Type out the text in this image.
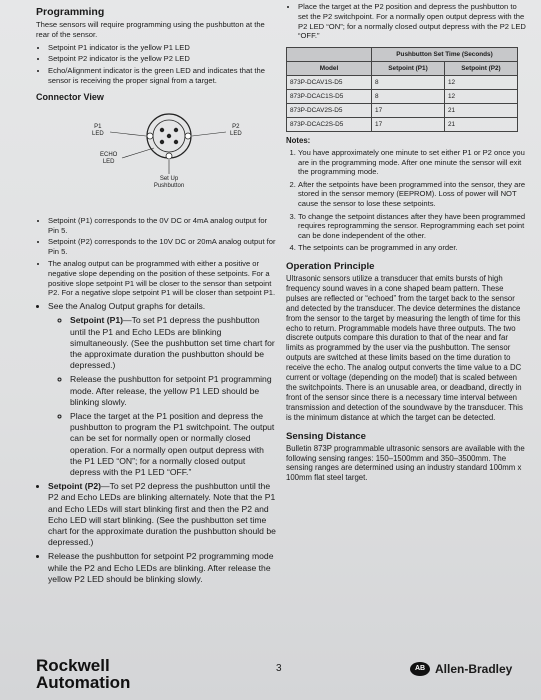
Programming

These sensors will require programming using the pushbutton at the rear of the sensor.

• Setpoint P1 indicator is the yellow P1 LED
• Setpoint P2 indicator is the yellow P2 LED
• Echo/Alignment indicator is the green LED and indicates that the sensor is receiving the proper signal from a target.
Connector View
P1
LED
P2
LED
ECHO
LED
Set Up
Pushbutton
• Setpoint (P1) corresponds to the 0V DC or 4mA analog output for Pin 5.
• Setpoint (P2) corresponds to the 10V DC or 20mA analog output for Pin 5.
• The analog output can be programmed with either a positive or negative slope depending on the position of these setpoints. For a positive slope setpoint P1 will be closer to the sensor than setpoint P2. For a negative slope setpoint P1 will be closer than setpoint P1.
• See the Analog Output graphs for details.
◦ Setpoint (P1)—To set P1 depress the pushbutton until the P1 and Echo LEDs are blinking simultaneously. (See the pushbutton set time chart for the approximate duration the pushbutton should be depressed.)
◦ Release the pushbutton for setpoint P1 programming mode. After release, the yellow P1 LED should be blinking slowly.
◦ Place the target at the P1 position and depress the pushbutton to program the P1 switchpoint. The output can be set for normally open or normally closed operation. For a normally open output depress with the P1 LED “ON”; for a normally closed output depress with the P1 LED “OFF.”
• Setpoint (P2)—To set P2 depress the pushbutton until the P2 and Echo LEDs are blinking alternately. Note that the P1 and Echo LEDs will start blinking first and then the P2 and Echo LED will start blinking. (See the pushbutton set time chart for the approximate duration the pushbutton should be depressed.)
• Release the pushbutton for setpoint P2 programming mode while the P2 and Echo LEDs are blinking. After release the yellow P2 LED should be blinking slowly.
• Place the target at the P2 position and depress the pushbutton to set the P2 switchpoint. For a normally open output depress with the P2 LED “ON”; for a normally closed output depress with the P2 LED “OFF.”
	Pushbutton Set Time (Seconds)	
Model	Setpoint (P1)	Setpoint (P2)
873P-DCAV1S-D5	8	12
873P-DCAC1S-D5	8	12
873P-DCAV2S-D5	17	21
873P-DCAC2S-D5	17	21

Notes:

1. You have approximately one minute to set either P1 or P2 once you are in the programming mode. After one minute the sensor will exit the programming mode.
2. After the setpoints have been programmed into the sensor, they are stored in the sensor memory (EEPROM). Loss of power will NOT cause the sensor to lose these setpoints.
3. To change the setpoint distances after they have been programmed requires reprogramming the sensor. Reprogramming each set point can be done independent of the other.
4. The setpoints can be programmed in any order.
Operation Principle

Ultrasonic sensors utilize a transducer that emits bursts of high frequency sound waves in a cone shaped beam pattern. These pulses are reflected or “echoed” from the target back to the sensor and detected by the transducer. The device determines the distance from the sensor to the target by measuring the length of time for this echo to return. Programmable models have three outputs. The two discrete outputs compare this duration to that of the near and far limits as programmed by the user via the pushbutton. The sensor outputs are switched at these limits based on the time duration to receive the echo. The analog output converts the time value to a DC current or voltage (depending on the model) that is scaled between the switchpoints. There is an unusable area, or deadband, directly in front of the sensor since there is a necessary time interval between transmission and detection of the soundwave by the transducer. This is the minimum distance at which the target can be detected.

Sensing Distance

Bulletin 873P programmable ultrasonic sensors are available with the following sensing ranges: 150–1500mm and 350–3500mm. The sensing ranges are determined using an industry standard 100mm x 100mm flat steel target.

Rockwell
Automation
3	AB Allen-Bradley
